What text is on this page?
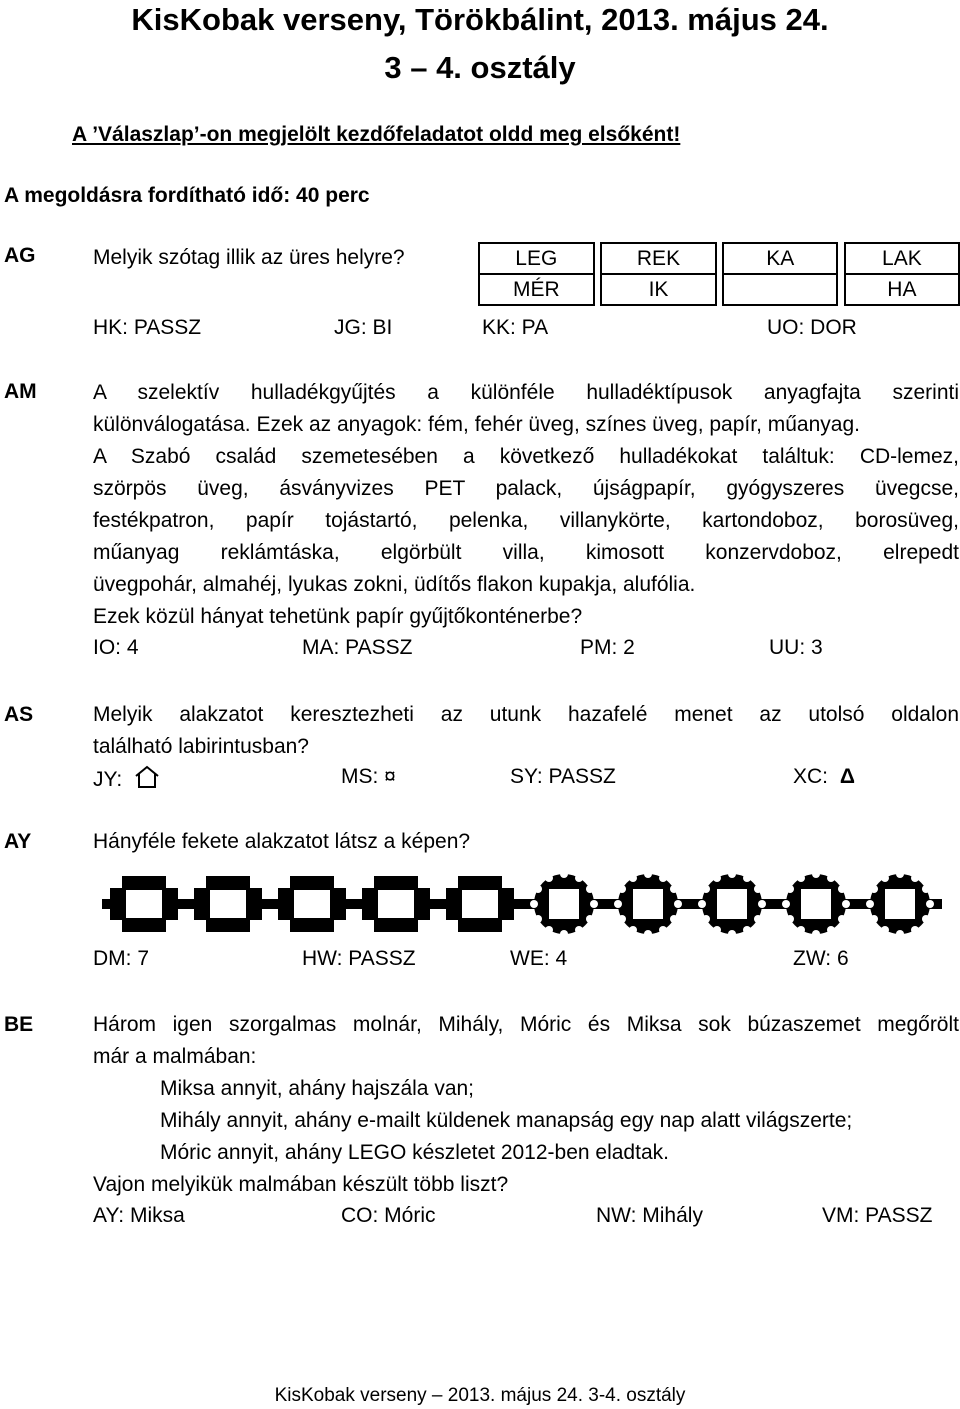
KisKobak verseny, Törökbálint, 2013. május 24.
3 – 4. osztály
A ’Válaszlap’-on megjelölt kezdőfeladatot oldd meg elsőként!
A megoldásra fordítható idő: 40 perc
AG	Melyik szótag illik az üres helyre?	LEG		REK		KA		LAK
MÉR		IK				HA
HK: PASSZ	JG: BI	KK: PA	UO: DOR
AM	A szelektív hulladékgyűjtés a különféle hulladéktípusok anyagfajta szerinti
különválogatása. Ezek az anyagok: fém, fehér üveg, színes üveg, papír, műanyag.
A Szabó család szemetesében a következő hulladékokat találtuk: CD-lemez,
szörpös üveg, ásványvizes PET palack, újságpapír, gyógyszeres üvegcse,
festékpatron, papír tojástartó, pelenka, villanykörte, kartondoboz, borosüveg,
műanyag reklámtáska, elgörbült villa, kimosott konzervdoboz, elrepedt
üvegpohár, almahéj, lyukas zokni, üdítős flakon kupakja, alufólia.
Ezek közül hányat tehetünk papír gyűjtőkonténerbe?
IO: 4	MA: PASSZ	PM: 2	UU: 3
AS	Melyik alakzatot keresztezheti az utunk hazafelé menet az utolsó oldalon
található labirintusban?
JY:	MS: ¤	SY: PASSZ	XC: Δ
AY	Hányféle fekete alakzatot látsz a képen?
DM: 7	HW: PASSZ	WE: 4	ZW: 6
BE	Három igen szorgalmas molnár, Mihály, Móric és Miksa sok búzaszemet megőrölt
már a malmában:
Miksa annyit, ahány hajszála van;
Mihály annyit, ahány e-mailt küldenek manapság egy nap alatt világszerte;
Móric annyit, ahány LEGO készletet 2012-ben eladtak.
Vajon melyikük malmában készült több liszt?
AY: Miksa	CO: Móric	NW: Mihály	VM: PASSZ
KisKobak verseny – 2013. május 24. 3-4. osztály
